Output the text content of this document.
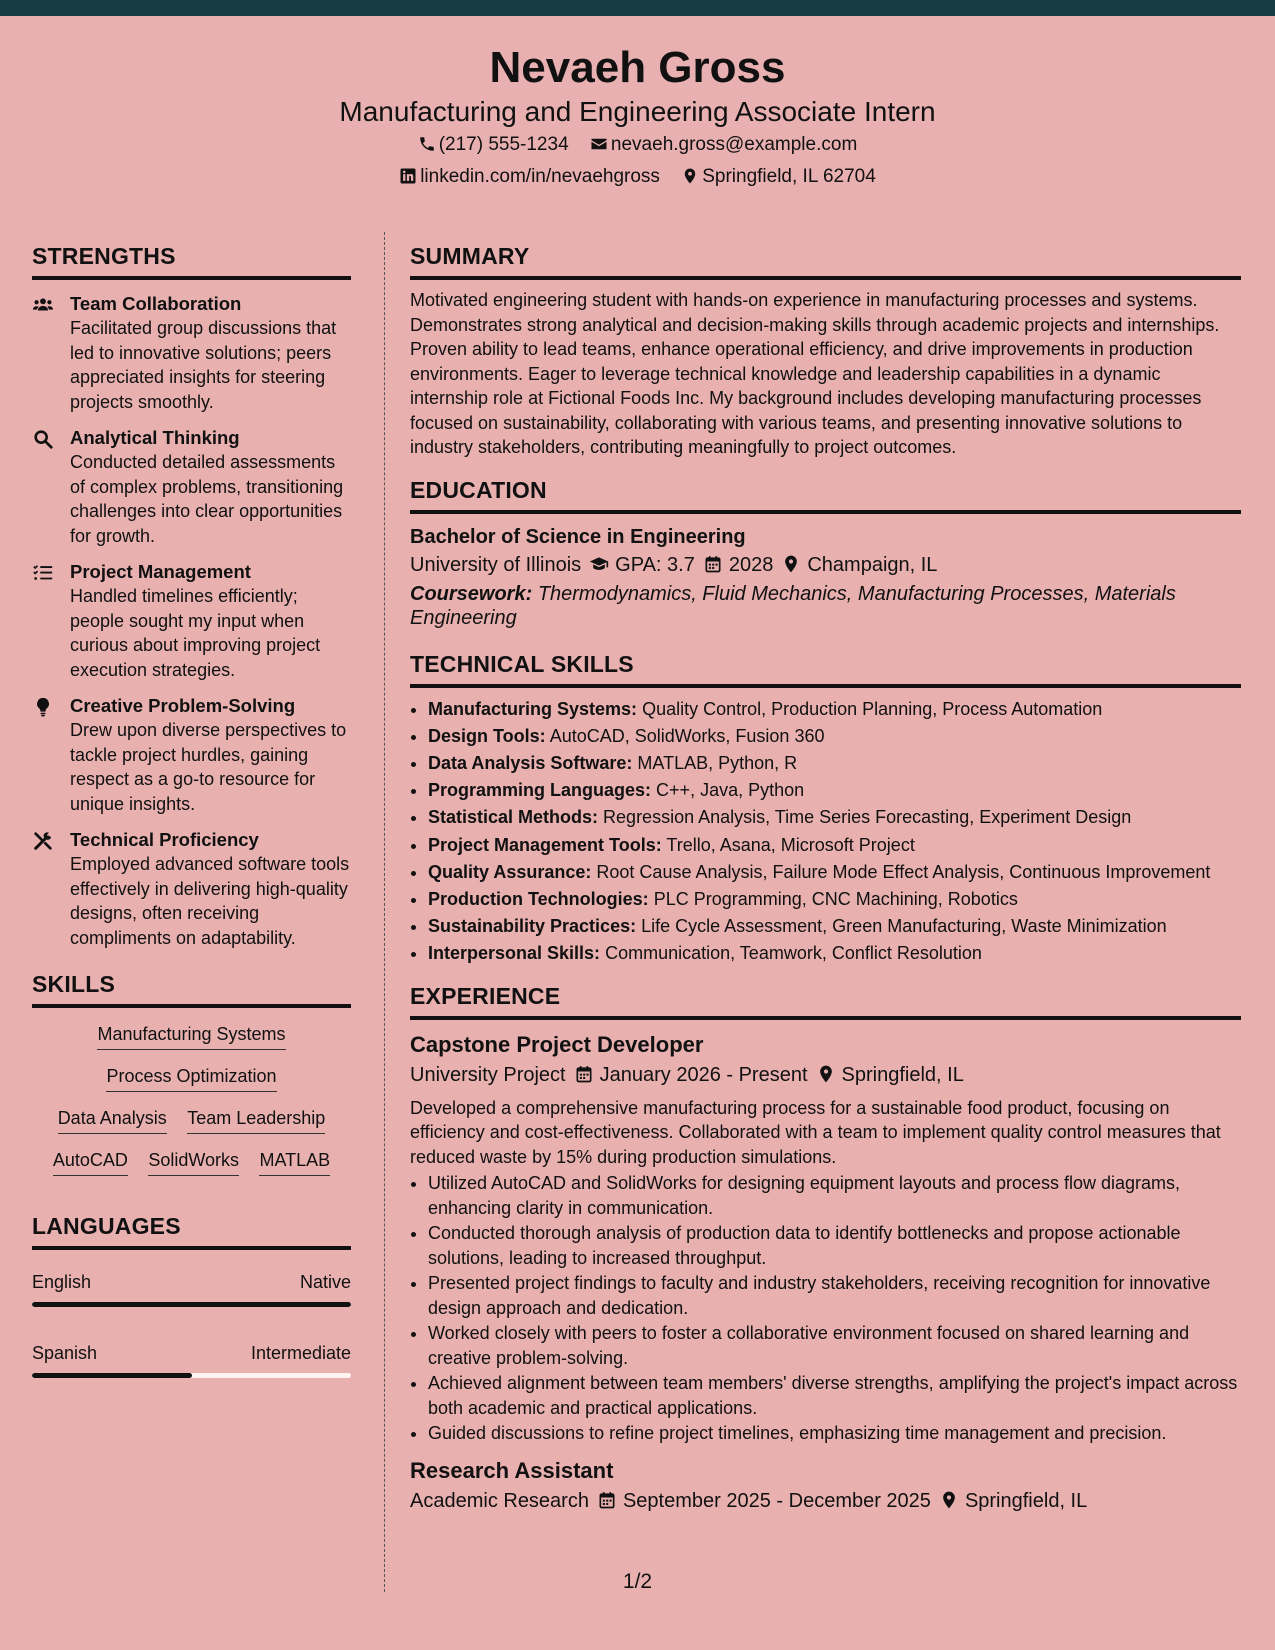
Nevaeh Gross
Manufacturing and Engineering Associate Intern
(217) 555-1234 nevaeh.gross@example.com
linkedin.com/in/nevaehgross Springfield, IL 62704
STRENGTHS
Team Collaboration
Facilitated group discussions that led to innovative solutions; peers appreciated insights for steering projects smoothly.
Analytical Thinking
Conducted detailed assessments of complex problems, transitioning challenges into clear opportunities for growth.
Project Management
Handled timelines efficiently; people sought my input when curious about improving project execution strategies.
Creative Problem-Solving
Drew upon diverse perspectives to tackle project hurdles, gaining respect as a go-to resource for unique insights.
Technical Proficiency
Employed advanced software tools effectively in delivering high-quality designs, often receiving compliments on adaptability.
SKILLS
Manufacturing Systems
Process Optimization
Data Analysis Team Leadership
AutoCAD SolidWorks MATLAB
LANGUAGES
English	Native
Spanish	Intermediate
SUMMARY
Motivated engineering student with hands-on experience in manufacturing processes and systems. Demonstrates strong analytical and decision-making skills through academic projects and internships. Proven ability to lead teams, enhance operational efficiency, and drive improvements in production environments. Eager to leverage technical knowledge and leadership capabilities in a dynamic internship role at Fictional Foods Inc. My background includes developing manufacturing processes focused on sustainability, collaborating with various teams, and presenting innovative solutions to industry stakeholders, contributing meaningfully to project outcomes.
EDUCATION
Bachelor of Science in Engineering
University of Illinois GPA: 3.7 2028 Champaign, IL
Coursework: Thermodynamics, Fluid Mechanics, Manufacturing Processes, Materials Engineering
TECHNICAL SKILLS
• Manufacturing Systems: Quality Control, Production Planning, Process Automation
• Design Tools: AutoCAD, SolidWorks, Fusion 360
• Data Analysis Software: MATLAB, Python, R
• Programming Languages: C++, Java, Python
• Statistical Methods: Regression Analysis, Time Series Forecasting, Experiment Design
• Project Management Tools: Trello, Asana, Microsoft Project
• Quality Assurance: Root Cause Analysis, Failure Mode Effect Analysis, Continuous Improvement
• Production Technologies: PLC Programming, CNC Machining, Robotics
• Sustainability Practices: Life Cycle Assessment, Green Manufacturing, Waste Minimization
• Interpersonal Skills: Communication, Teamwork, Conflict Resolution
EXPERIENCE
Capstone Project Developer
University Project January 2026 - Present Springfield, IL
Developed a comprehensive manufacturing process for a sustainable food product, focusing on efficiency and cost-effectiveness. Collaborated with a team to implement quality control measures that reduced waste by 15% during production simulations.
• Utilized AutoCAD and SolidWorks for designing equipment layouts and process flow diagrams, enhancing clarity in communication.
• Conducted thorough analysis of production data to identify bottlenecks and propose actionable solutions, leading to increased throughput.
• Presented project findings to faculty and industry stakeholders, receiving recognition for innovative design approach and dedication.
• Worked closely with peers to foster a collaborative environment focused on shared learning and creative problem-solving.
• Achieved alignment between team members' diverse strengths, amplifying the project's impact across both academic and practical applications.
• Guided discussions to refine project timelines, emphasizing time management and precision.
Research Assistant
Academic Research September 2025 - December 2025 Springfield, IL
1/2
